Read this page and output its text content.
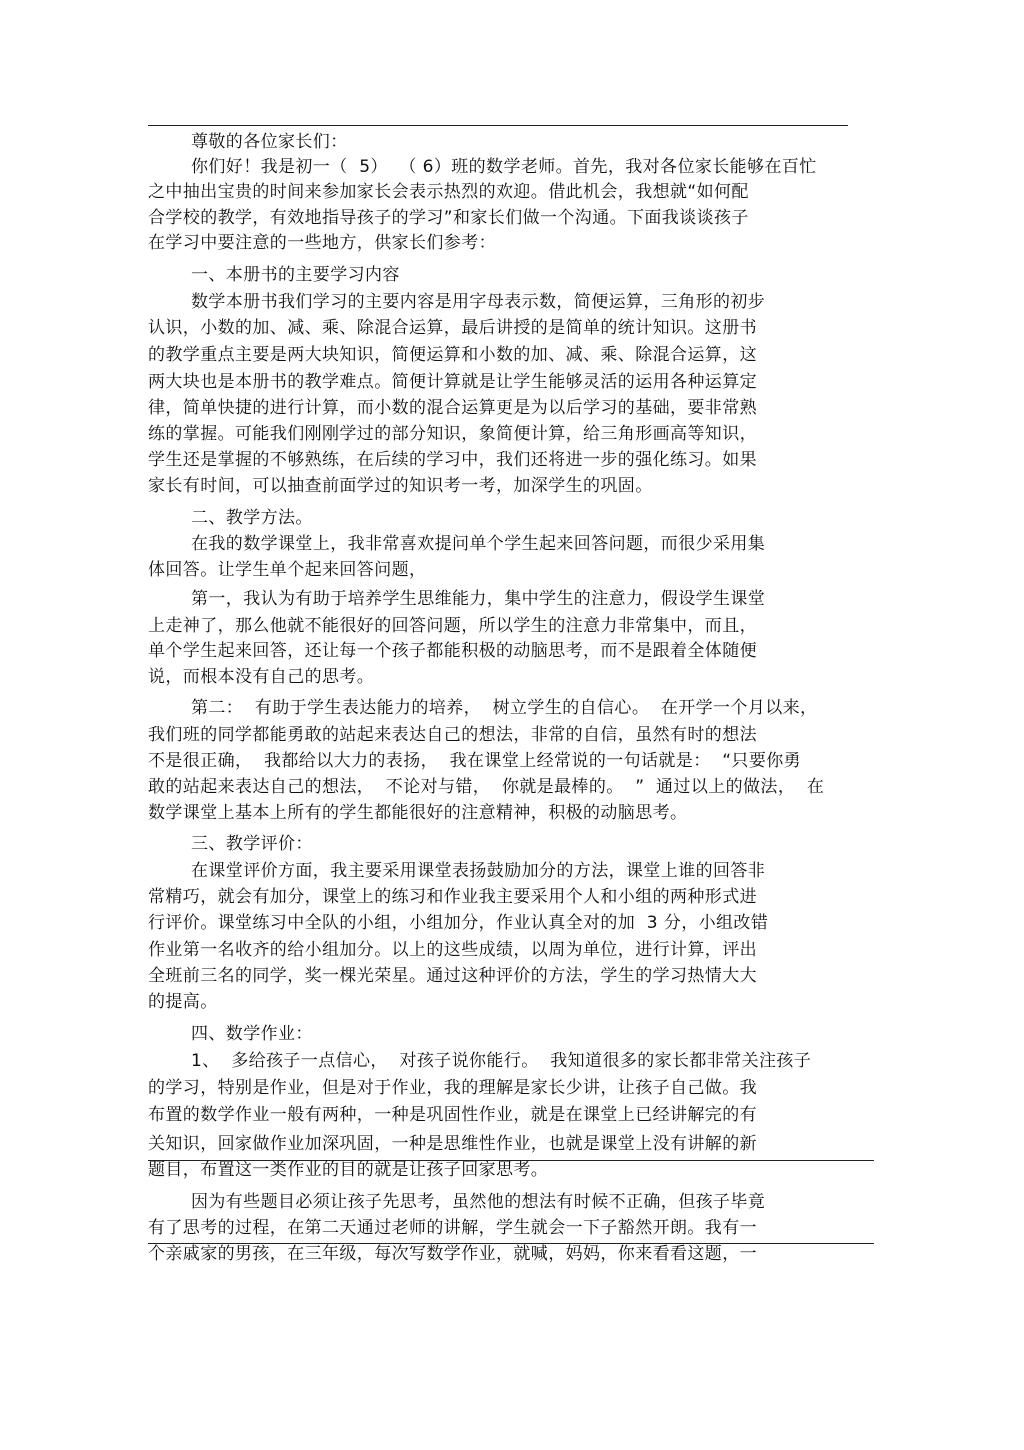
尊敬的各位家长们：
你们好！我是初一（  5）  （ 6）班的数学老师。首先，我对各位家长能够在百忙
之中抽出宝贵的时间来参加家长会表示热烈的欢迎。借此机会，我想就“如何配
合学校的教学，有效地指导孩子的学习”和家长们做一个沟通。下面我谈谈孩子
在学习中要注意的一些地方，供家长们参考：
一、本册书的主要学习内容
数学本册书我们学习的主要内容是用字母表示数，简便运算，三角形的初步
认识，小数的加、减、乘、除混合运算，最后讲授的是简单的统计知识。这册书
的教学重点主要是两大块知识，简便运算和小数的加、减、乘、除混合运算，这
两大块也是本册书的教学难点。简便计算就是让学生能够灵活的运用各种运算定
律，简单快捷的进行计算，而小数的混合运算更是为以后学习的基础，要非常熟
练的掌握。可能我们刚刚学过的部分知识，象简便计算，给三角形画高等知识，
学生还是掌握的不够熟练，在后续的学习中，我们还将进一步的强化练习。如果
家长有时间，可以抽查前面学过的知识考一考，加深学生的巩固。
二、教学方法。
在我的数学课堂上，我非常喜欢提问单个学生起来回答问题，而很少采用集
体回答。让学生单个起来回答问题，
第一，我认为有助于培养学生思维能力，集中学生的注意力，假设学生课堂
上走神了，那么他就不能很好的回答问题，所以学生的注意力非常集中，而且，
单个学生起来回答，还让每一个孩子都能积极的动脑思考，而不是跟着全体随便
说，而根本没有自己的思考。
第二：  有助于学生表达能力的培养，  树立学生的自信心。  在开学一个月以来，
我们班的同学都能勇敢的站起来表达自己的想法，非常的自信，虽然有时的想法
不是很正确，  我都给以大力的表扬，  我在课堂上经常说的一句话就是：  “只要你勇
敢的站起来表达自己的想法，  不论对与错，  你就是最棒的。  ”  通过以上的做法，  在
数学课堂上基本上所有的学生都能很好的注意精神，积极的动脑思考。
三、教学评价：
在课堂评价方面，我主要采用课堂表扬鼓励加分的方法，课堂上谁的回答非
常精巧，就会有加分，课堂上的练习和作业我主要采用个人和小组的两种形式进
行评价。课堂练习中全队的小组，小组加分，作业认真全对的加  3 分，小组改错
作业第一名收齐的给小组加分。以上的这些成绩，以周为单位，进行计算，评出
全班前三名的同学，奖一棵光荣星。通过这种评价的方法，学生的学习热情大大
的提高。
四、数学作业：
1、  多给孩子一点信心，  对孩子说你能行。  我知道很多的家长都非常关注孩子
的学习，特别是作业，但是对于作业，我的理解是家长少讲，让孩子自己做。我
布置的数学作业一般有两种，一种是巩固性作业，就是在课堂上已经讲解完的有
关知识，回家做作业加深巩固，一种是思维性作业，也就是课堂上没有讲解的新
题目，布置这一类作业的目的就是让孩子回家思考。
因为有些题目必须让孩子先思考，虽然他的想法有时候不正确，但孩子毕竟
有了思考的过程，在第二天通过老师的讲解，学生就会一下子豁然开朗。我有一
个亲戚家的男孩，在三年级，每次写数学作业，就喊，妈妈，你来看看这题，一
